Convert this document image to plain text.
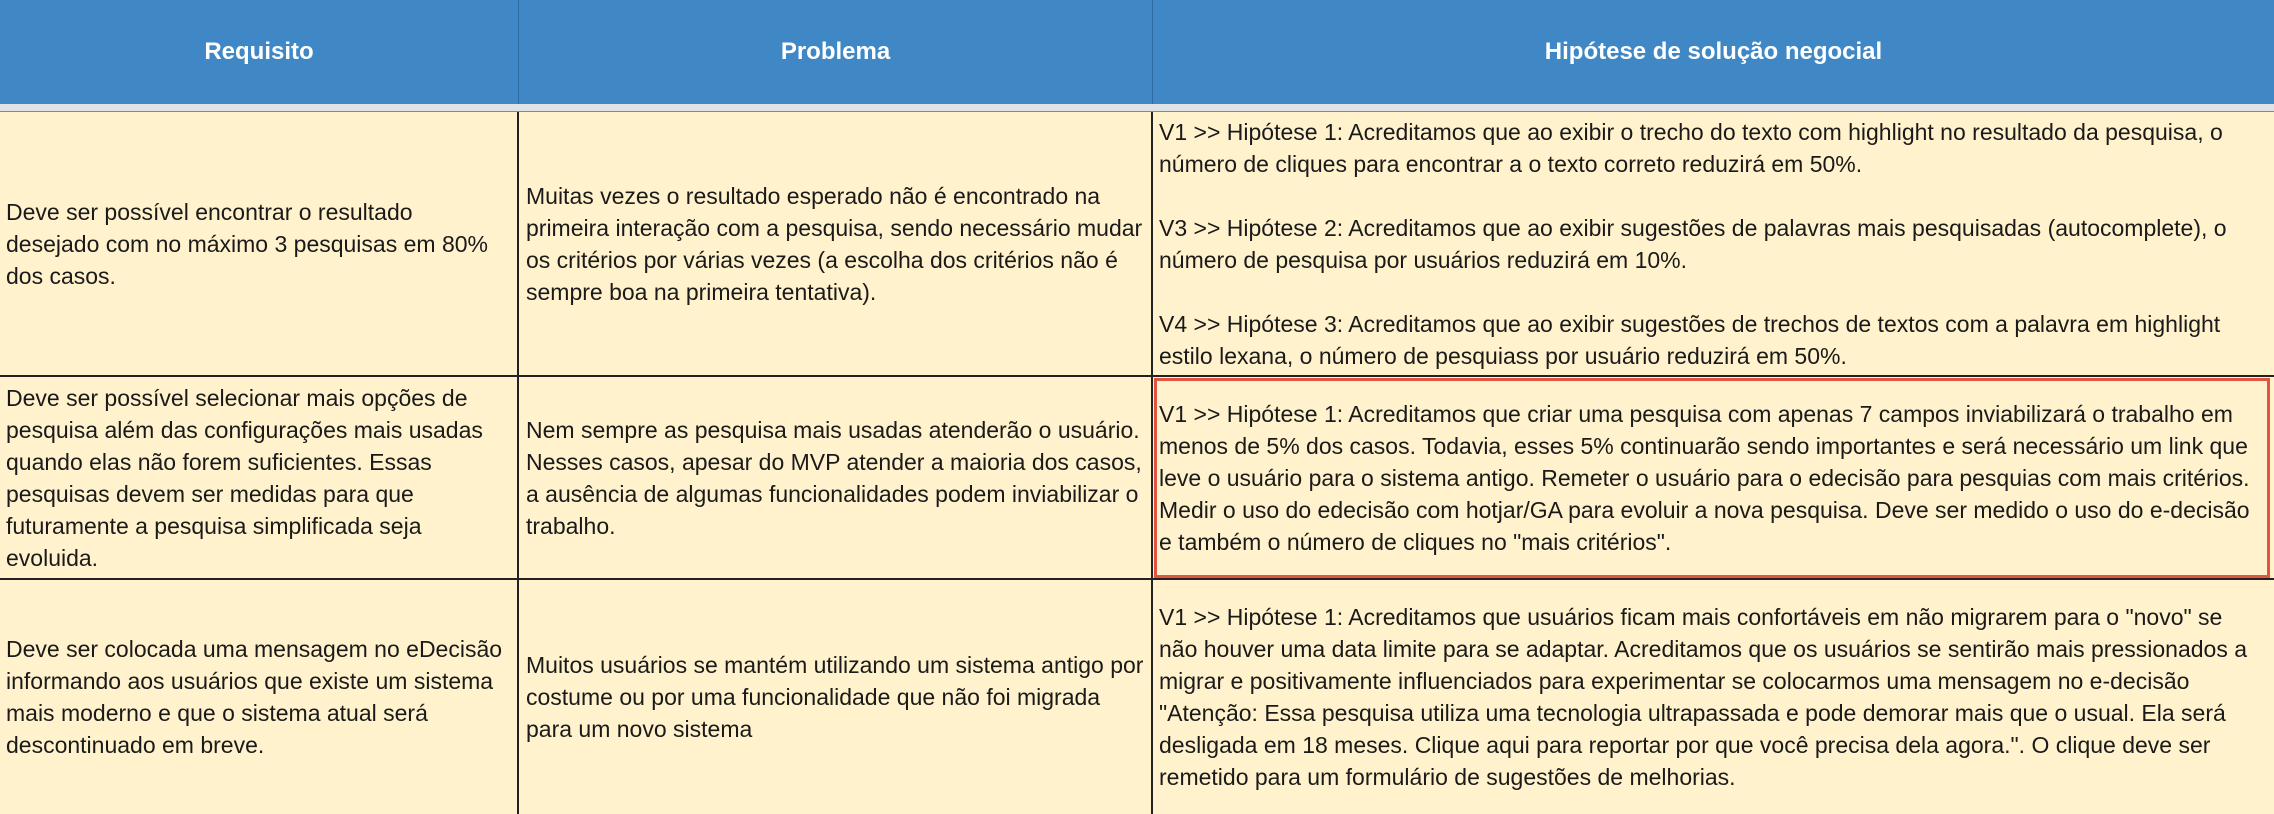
Requisito	Problema	Hipótese de solução negocial

Deve ser possível encontrar o resultado desejado com no máximo 3 pesquisas em 80% dos casos.

Muitas vezes o resultado esperado não é encontrado na primeira interação com a pesquisa, sendo necessário mudar os critérios por várias vezes (a escolha dos critérios não é sempre boa na primeira tentativa).

V1 >> Hipótese 1: Acreditamos que ao exibir o trecho do texto com highlight no resultado da pesquisa, o número de cliques para encontrar a o texto correto reduzirá em 50%.

V3 >> Hipótese 2: Acreditamos que ao exibir sugestões de palavras mais pesquisadas (autocomplete), o número de pesquisa por usuários reduzirá em 10%.

V4 >> Hipótese 3: Acreditamos que ao exibir sugestões de trechos de textos com a palavra em highlight estilo lexana, o número de pesquiass por usuário reduzirá em 50%.

Deve ser possível selecionar mais opções de pesquisa além das configurações mais usadas quando elas não forem suficientes. Essas pesquisas devem ser medidas para que futuramente a pesquisa simplificada seja evoluida.

Nem sempre as pesquisa mais usadas atenderão o usuário. Nesses casos, apesar do MVP atender a maioria dos casos, a ausência de algumas funcionalidades podem inviabilizar o trabalho.

V1 >> Hipótese 1: Acreditamos que criar uma pesquisa com apenas 7 campos inviabilizará o trabalho em menos de 5% dos casos. Todavia, esses 5% continuarão sendo importantes e será necessário um link que leve o usuário para o sistema antigo. Remeter o usuário para o edecisão para pesquias com mais critérios. Medir o uso do edecisão com hotjar/GA para evoluir a nova pesquisa. Deve ser medido o uso do e-decisão e também o número de cliques no "mais critérios".

Deve ser colocada uma mensagem no eDecisão informando aos usuários que existe um sistema mais moderno e que o sistema atual será descontinuado em breve.

Muitos usuários se mantém utilizando um sistema antigo por costume ou por uma funcionalidade que não foi migrada para um novo sistema

V1 >> Hipótese 1: Acreditamos que usuários ficam mais confortáveis em não migrarem para o "novo" se não houver uma data limite para se adaptar. Acreditamos que os usuários se sentirão mais pressionados a migrar e positivamente influenciados para experimentar se colocarmos uma mensagem no e-decisão "Atenção: Essa pesquisa utiliza uma tecnologia ultrapassada e pode demorar mais que o usual. Ela será desligada em 18 meses. Clique aqui para reportar por que você precisa dela agora.". O clique deve ser remetido para um formulário de sugestões de melhorias.
